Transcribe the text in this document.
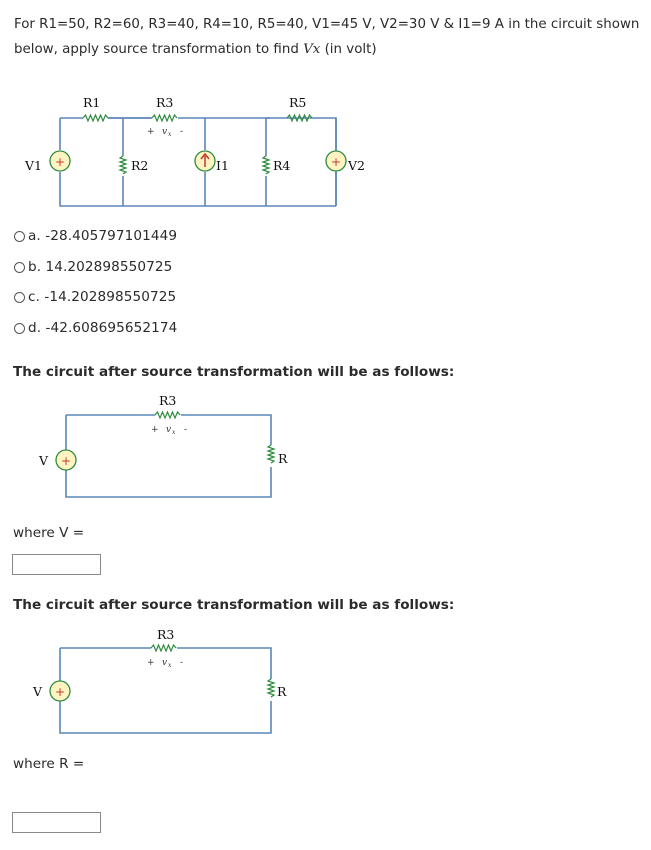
For R1=50, R2=60, R3=40, R4=10, R5=40, V1=45 V, V2=30 V & I1=9 A in the circuit shown below, apply source transformation to find Vx (in volt)
+	+
R1	R3	R5
R2	R4
V1	I1	V2
+ v x -
a.
-28.405797101449
b.
14.202898550725
c.
-14.202898550725
d.
-42.608695652174
The circuit after source transformation will be as follows:
+
R3
V	R
+ v x -
where V =
The circuit after source transformation will be as follows:
+
R3
V	R
+ v x -
where R =
